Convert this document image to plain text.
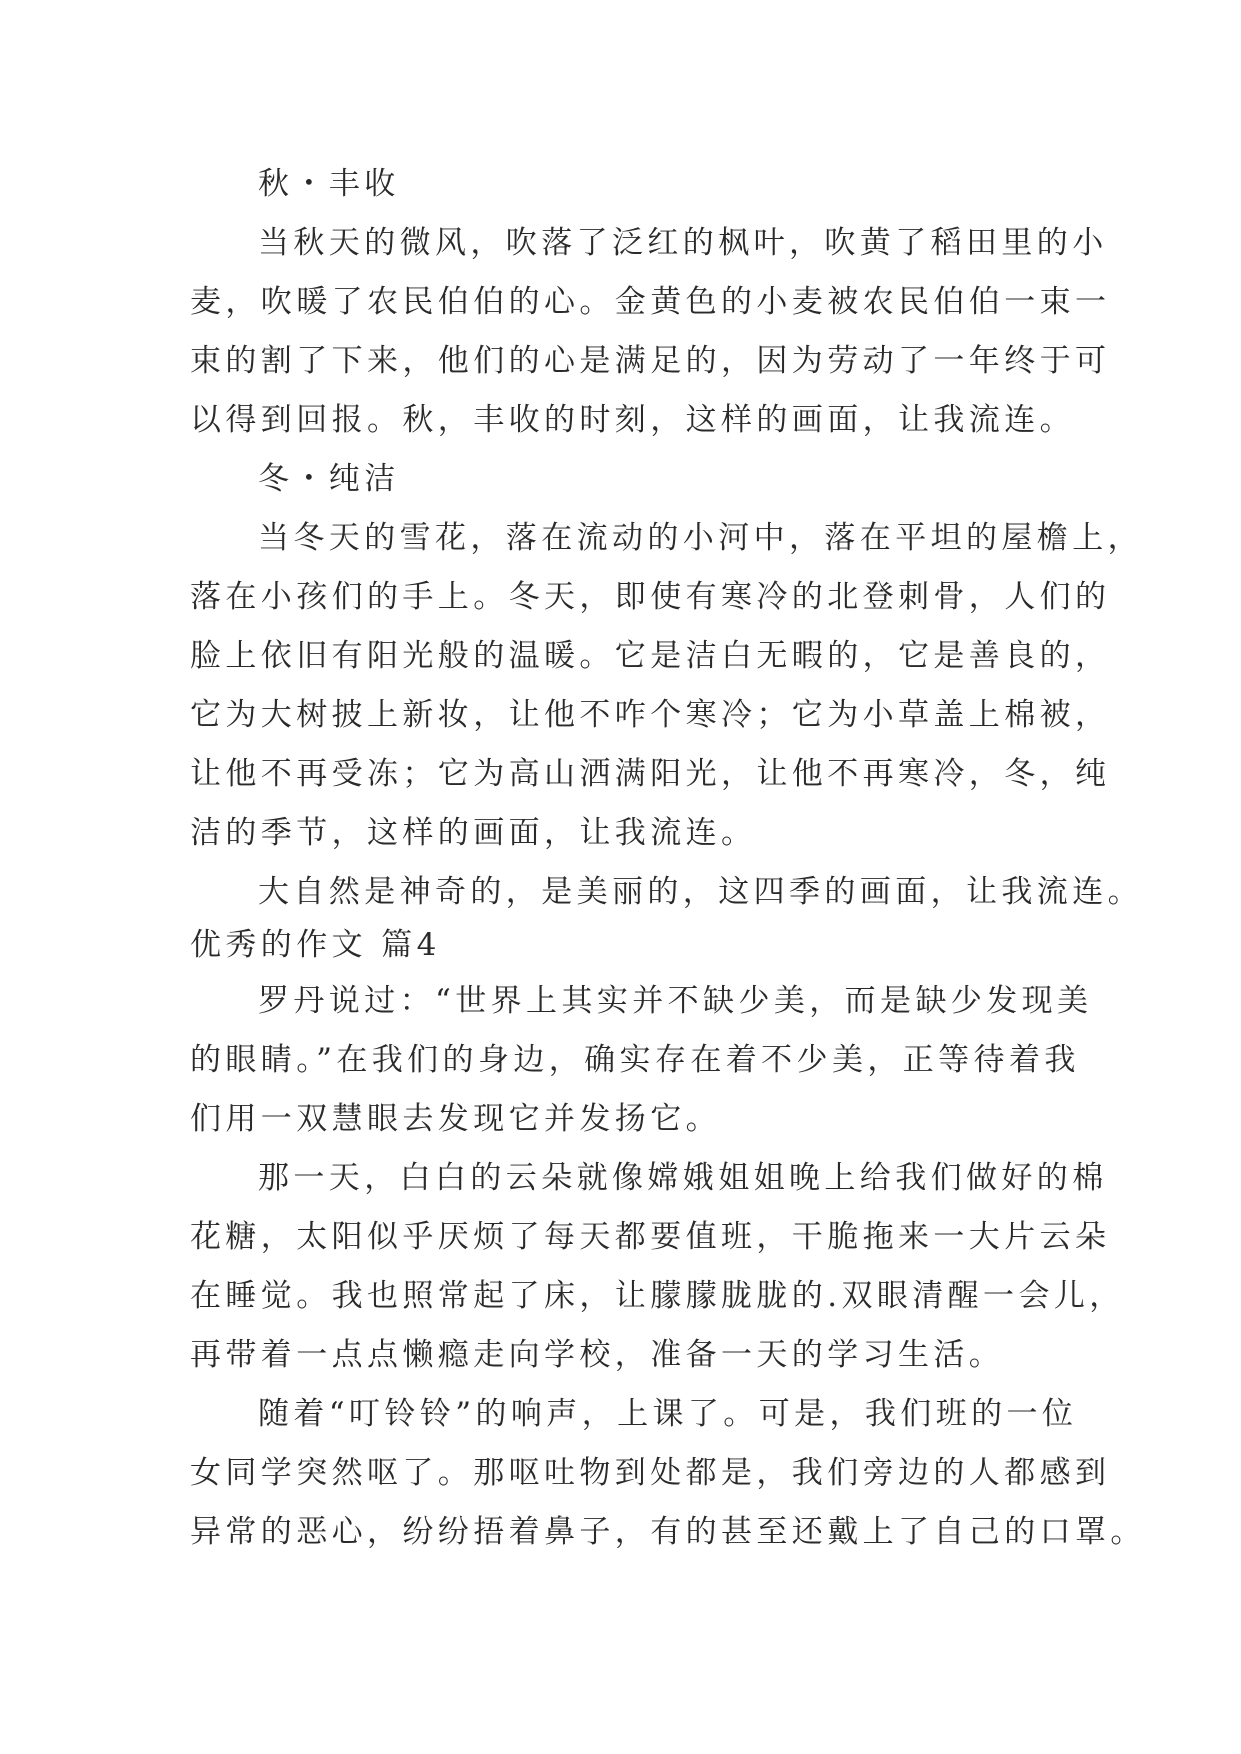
秋・丰收
当秋天的微风，吹落了泛红的枫叶，吹黄了稻田里的小
麦，吹暖了农民伯伯的心。金黄色的小麦被农民伯伯一束一
束的割了下来，他们的心是满足的，因为劳动了一年终于可
以得到回报。秋，丰收的时刻，这样的画面，让我流连。
冬・纯洁
当冬天的雪花，落在流动的小河中，落在平坦的屋檐上，
落在小孩们的手上。冬天，即使有寒冷的北登刺骨，人们的
脸上依旧有阳光般的温暖。它是洁白无暇的，它是善良的，
它为大树披上新妆，让他不咋个寒冷；它为小草盖上棉被，
让他不再受冻；它为高山洒满阳光，让他不再寒冷，冬，纯
洁的季节，这样的画面，让我流连。
大自然是神奇的，是美丽的，这四季的画面，让我流连。
优秀的作文 篇4
罗丹说过：“世界上其实并不缺少美，而是缺少发现美
的眼睛。”在我们的身边，确实存在着不少美，正等待着我
们用一双慧眼去发现它并发扬它。
那一天，白白的云朵就像嫦娥姐姐晚上给我们做好的棉
花糖，太阳似乎厌烦了每天都要值班，干脆拖来一大片云朵
在睡觉。我也照常起了床，让朦朦胧胧的.双眼清醒一会儿，
再带着一点点懒瘾走向学校，准备一天的学习生活。
随着“叮铃铃”的响声，上课了。可是，我们班的一位
女同学突然呕了。那呕吐物到处都是，我们旁边的人都感到
异常的恶心，纷纷捂着鼻子，有的甚至还戴上了自己的口罩。
